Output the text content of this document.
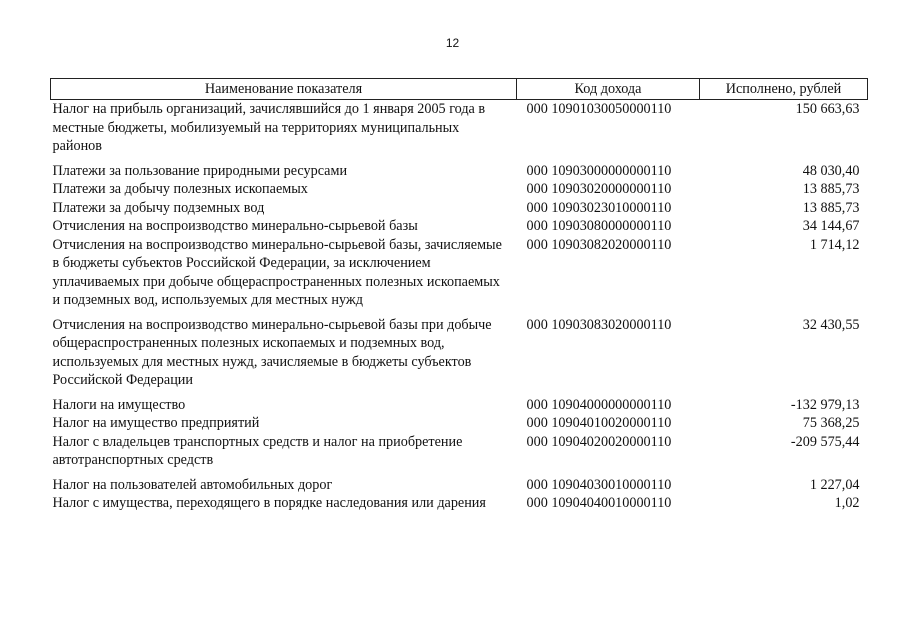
12
Наименование показателя	Код дохода	Исполнено, рублей
Налог на прибыль организаций, зачислявшийся до 1 января 2005 года в местные бюджеты, мобилизуемый на территориях муниципальных районов	000 10901030050000110	150 663,63
Платежи за пользование природными ресурсами	000 10903000000000110	48 030,40
Платежи за добычу полезных ископаемых	000 10903020000000110	13 885,73
Платежи за добычу подземных вод	000 10903023010000110	13 885,73
Отчисления на воспроизводство минерально-сырьевой базы	000 10903080000000110	34 144,67
Отчисления на воспроизводство минерально-сырьевой базы, зачисляемые в бюджеты субъектов Российской Федерации, за исключением уплачиваемых при добыче общераспространенных полезных ископаемых и подземных вод, используемых для местных нужд	000 10903082020000110	1 714,12
Отчисления на воспроизводство минерально-сырьевой базы при добыче общераспространенных полезных ископаемых и подземных вод, используемых для местных нужд, зачисляемые в бюджеты субъектов Российской Федерации	000 10903083020000110	32 430,55
Налоги на имущество	000 10904000000000110	-132 979,13
Налог на имущество предприятий	000 10904010020000110	75 368,25
Налог с владельцев транспортных средств и налог на приобретение автотранспортных средств	000 10904020020000110	-209 575,44
Налог на пользователей автомобильных дорог	000 10904030010000110	1 227,04
Налог с имущества, переходящего в порядке наследования или дарения	000 10904040010000110	1,02
